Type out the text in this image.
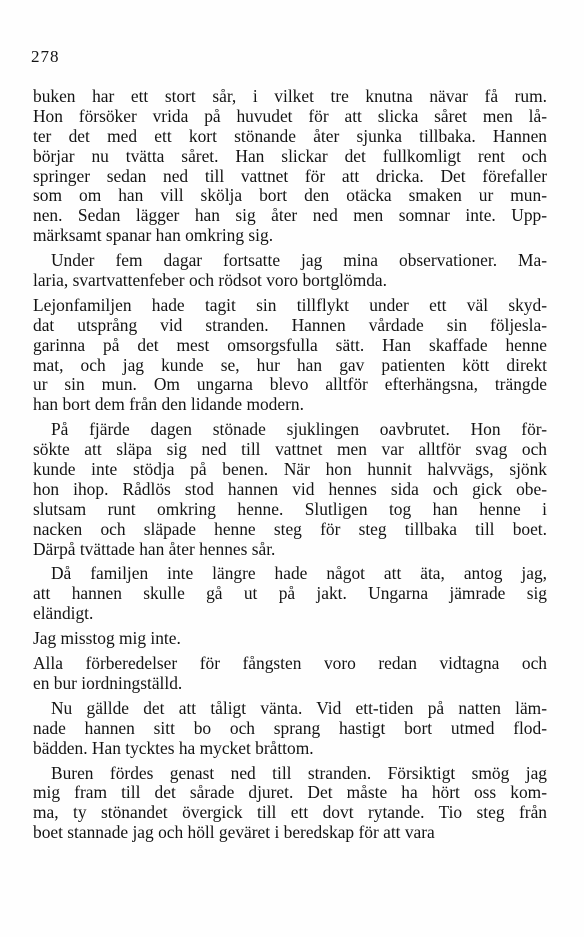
278
buken har ett stort sår, i vilket tre knutna nävar få rum.
Hon försöker vrida på huvudet för att slicka såret men lå-
ter det med ett kort stönande åter sjunka tillbaka. Hannen
börjar nu tvätta såret. Han slickar det fullkomligt rent och
springer sedan ned till vattnet för att dricka. Det förefaller
som om han vill skölja bort den otäcka smaken ur mun-
nen. Sedan lägger han sig åter ned men somnar inte. Upp-
märksamt spanar han omkring sig.
Under fem dagar fortsatte jag mina observationer. Ma-
laria, svartvattenfeber och rödsot voro bortglömda.
Lejonfamiljen hade tagit sin tillflykt under ett väl skyd-
dat utsprång vid stranden. Hannen vårdade sin följesla-
garinna på det mest omsorgsfulla sätt. Han skaffade henne
mat, och jag kunde se, hur han gav patienten kött direkt
ur sin mun. Om ungarna blevo alltför efterhängsna, trängde
han bort dem från den lidande modern.
På fjärde dagen stönade sjuklingen oavbrutet. Hon för-
sökte att släpa sig ned till vattnet men var alltför svag och
kunde inte stödja på benen. När hon hunnit halvvägs, sjönk
hon ihop. Rådlös stod hannen vid hennes sida och gick obe-
slutsam runt omkring henne. Slutligen tog han henne i
nacken och släpade henne steg för steg tillbaka till boet.
Därpå tvättade han åter hennes sår.
Då familjen inte längre hade något att äta, antog jag,
att hannen skulle gå ut på jakt. Ungarna jämrade sig
eländigt.
Jag misstog mig inte.
Alla förberedelser för fångsten voro redan vidtagna och
en bur iordningställd.
Nu gällde det att tåligt vänta. Vid ett-tiden på natten läm-
nade hannen sitt bo och sprang hastigt bort utmed flod-
bädden. Han tycktes ha mycket bråttom.
Buren fördes genast ned till stranden. Försiktigt smög jag
mig fram till det sårade djuret. Det måste ha hört oss kom-
ma, ty stönandet övergick till ett dovt rytande. Tio steg från
boet stannade jag och höll geväret i beredskap för att vara
